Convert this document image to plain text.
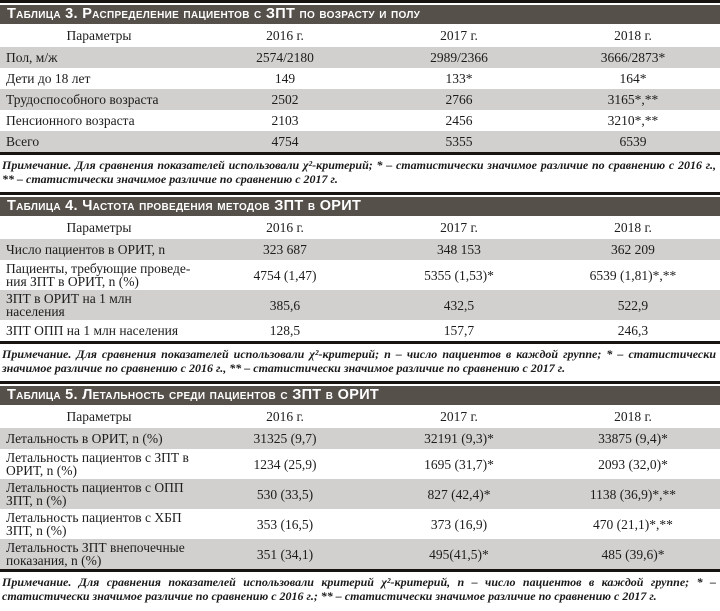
Таблица 3. Распределение пациентов с ЗПТ по возрасту и полу
Параметры	2016 г.	2017 г.	2018 г.
Пол, м/ж	2574/2180	2989/2366	3666/2873*
Дети до 18 лет	149	133*	164*
Трудоспособного возраста	2502	2766	3165*,**
Пенсионного возраста	2103	2456	3210*,**
Всего	4754	5355	6539

Примечание. Для сравнения показателей использовали χ²-критерий; * – статистически значимое различие по сравнению с 2016 г., ** – статистически значимое различие по сравнению с 2017 г.

Таблица 4. Частота проведения методов ЗПТ в ОРИТ
Параметры	2016 г.	2017 г.	2018 г.
Число пациентов в ОРИТ, n	323 687	348 153	362 209
Пациенты, требующие проведения ЗПТ в ОРИТ, n (%)	4754 (1,47)	5355 (1,53)*	6539 (1,81)*,**
ЗПТ в ОРИТ на 1 млн населения	385,6	432,5	522,9
ЗПТ ОПП на 1 млн населения	128,5	157,7	246,3

Примечание. Для сравнения показателей использовали χ²-критерий; n – число пациентов в каждой группе; * – статистически значимое различие по сравнению с 2016 г., ** – статистически значимое различие по сравнению с 2017 г.

Таблица 5. Летальность среди пациентов с ЗПТ в ОРИТ
Параметры	2016 г.	2017 г.	2018 г.
Летальность в ОРИТ, n (%)	31325 (9,7)	32191 (9,3)*	33875 (9,4)*
Летальность пациентов с ЗПТ в ОРИТ, n (%)	1234 (25,9)	1695 (31,7)*	2093 (32,0)*
Летальность пациентов с ОПП ЗПТ, n (%)	530 (33,5)	827 (42,4)*	1138 (36,9)*,**
Летальность пациентов с ХБП ЗПТ, n (%)	353 (16,5)	373 (16,9)	470 (21,1)*,**
Летальность ЗПТ внепочечные показания, n (%)	351 (34,1)	495(41,5)*	485 (39,6)*

Примечание. Для сравнения показателей использовали критерий χ²-критерий, n – число пациентов в каждой группе; * – статистически значимое различие по сравнению с 2016 г.; ** – статистически значимое различие по сравнению с 2017 г.
